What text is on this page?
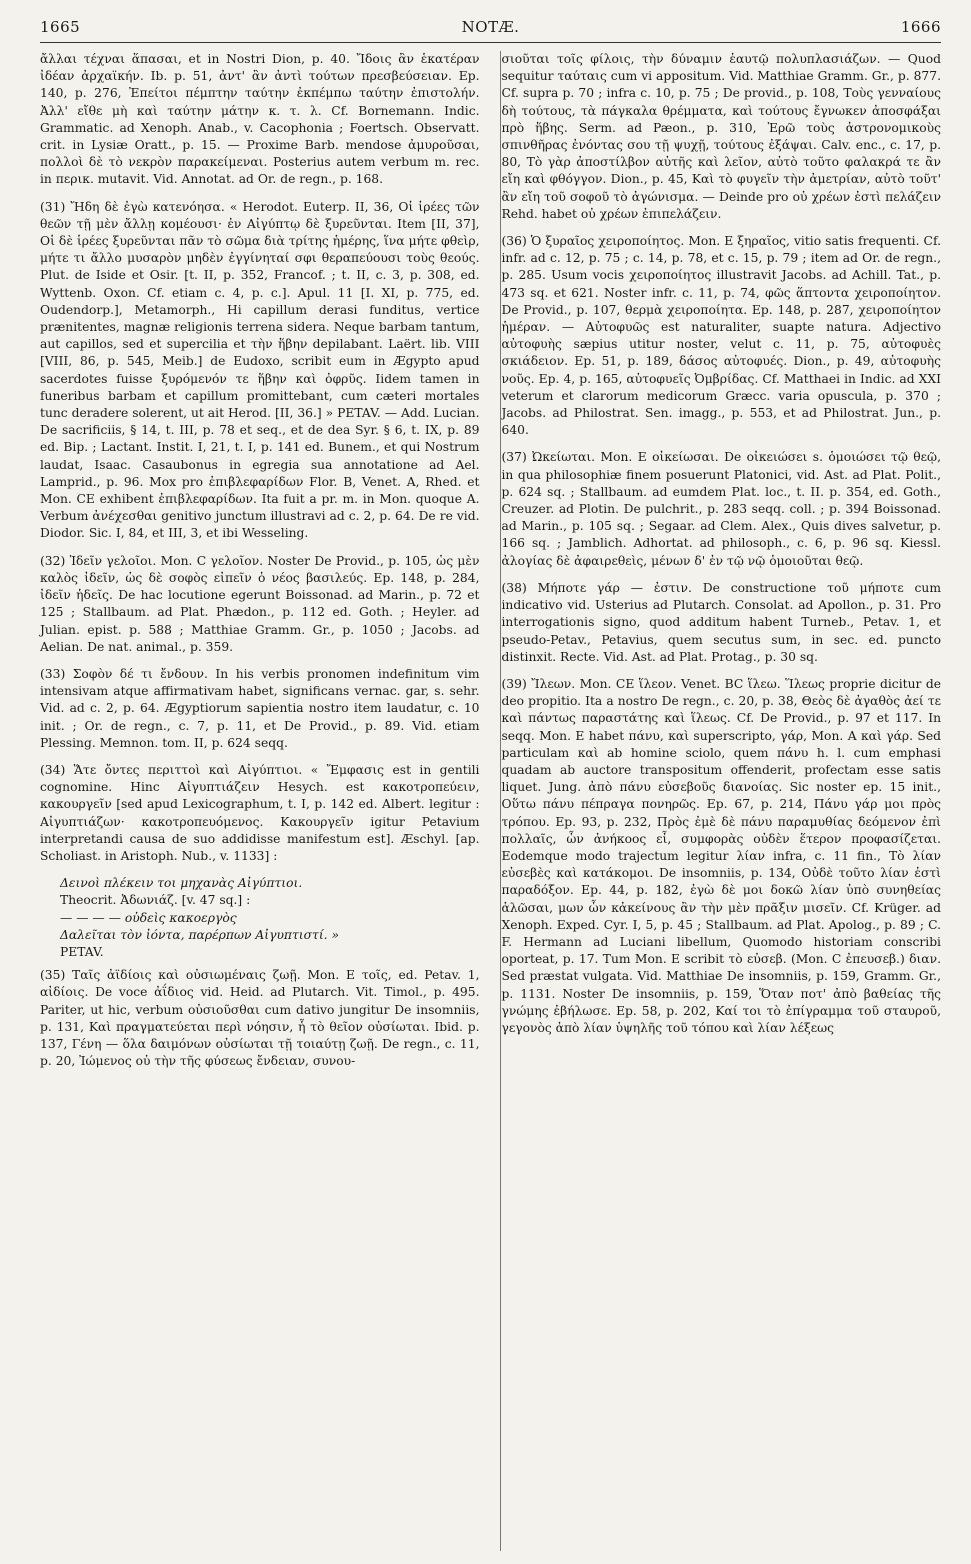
1665	NOTÆ.	1666

ἄλλαι τέχναι ἅπασαι, et in Nostri Dion, p. 40. Ἴδοις ἂν ἑκατέραν ἰδέαν ἀρχαϊκήν. Ib. p. 51, ἀντ' ἂν ἀντὶ τούτων πρεσβεύσειαν. Ep. 140, p. 276, Ἐπείτοι πέμπτην ταύτην ἐκπέμπω ταύτην ἐπιστολήν. Ἀλλ' εἴθε μὴ καὶ ταύτην μάτην κ. τ. λ. Cf. Bornemann. Indic. Grammatic. ad Xenoph. Anab., v. Cacophonia ; Foertsch. Observatt. crit. in Lysiæ Oratt., p. 15. — Proxime Barb. mendose ἀμυροῦσαι, πολλοὶ δὲ τὸ νεκρὸν παρακείμεναι. Posterius autem verbum m. rec. in περικ. mutavit. Vid. Annotat. ad Or. de regn., p. 168.

(31) Ἤδη δὲ ἐγὼ κατενόησα. « Herodot. Euterp. II, 36, Οἱ ἱρέες τῶν θεῶν τῇ μὲν ἄλλῃ κομέουσι· ἐν Αἰγύπτῳ δὲ ξυρεῦνται. Item [II, 37], Οἱ δὲ ἱρέες ξυρεῦνται πᾶν τὸ σῶμα διὰ τρίτης ἡμέρης, ἵνα μήτε φθεὶρ, μήτε τι ἄλλο μυσαρὸν μηδὲν ἐγγίνηταί σφι θεραπεύουσι τοὺς θεούς. Plut. de Iside et Osir. [t. II, p. 352, Francof. ; t. II, c. 3, p. 308, ed. Wyttenb. Oxon. Cf. etiam c. 4, p. c.]. Apul. 11 [I. XI, p. 775, ed. Oudendorp.], Metamorph., Hi capillum derasi funditus, vertice prænitentes, magnæ religionis terrena sidera. Neque barbam tantum, aut capillos, sed et supercilia et τὴν ἥβην depilabant. Laërt. lib. VIII [VIII, 86, p. 545, Meib.] de Eudoxo, scribit eum in Ægypto apud sacerdotes fuisse ξυρόμενόν τε ἥβην καὶ ὀφρῦς. Iidem tamen in funeribus barbam et capillum promittebant, cum cæteri mortales tunc deradere solerent, ut ait Herod. [II, 36.] » PETAV. — Add. Lucian. De sacrificiis, § 14, t. III, p. 78 et seq., et de dea Syr. § 6, t. IX, p. 89 ed. Bip. ; Lactant. Instit. I, 21, t. I, p. 141 ed. Bunem., et qui Nostrum laudat, Isaac. Casaubonus in egregia sua annotatione ad Ael. Lamprid., p. 96. Mox pro ἐπιβλεφαρίδων Flor. B, Venet. A, Rhed. et Mon. CE exhibent ἐπιβλεφαρίδων. Ita fuit a pr. m. in Mon. quoque A. Verbum ἀνέχεσθαι genitivo junctum illustravi ad c. 2, p. 64. De re vid. Diodor. Sic. I, 84, et III, 3, et ibi Wesseling.

(32) Ἰδεῖν γελοῖοι. Mon. C γελοῖον. Noster De Provid., p. 105, ὡς μὲν καλὸς ἰδεῖν, ὡς δὲ σοφὸς εἰπεῖν ὁ νέος βασιλεύς. Ep. 148, p. 284, ἰδεῖν ἡδεῖς. De hac locutione egerunt Boissonad. ad Marin., p. 72 et 125 ; Stallbaum. ad Plat. Phædon., p. 112 ed. Goth. ; Heyler. ad Julian. epist. p. 588 ; Matthiae Gramm. Gr., p. 1050 ; Jacobs. ad Aelian. De nat. animal., p. 359.

(33) Σοφὸν δέ τι ἔνδουν. In his verbis pronomen indefinitum vim intensivam atque affirmativam habet, significans vernac. gar, s. sehr. Vid. ad c. 2, p. 64. Ægyptiorum sapientia nostro item laudatur, c. 10 init. ; Or. de regn., c. 7, p. 11, et De Provid., p. 89. Vid. etiam Plessing. Memnon. tom. II, p. 624 seqq.

(34) Ἅτε ὄντες περιττοὶ καὶ Αἰγύπτιοι. « Ἔμφασις est in gentili cognomine. Hinc Αἰγυπτιάζειν Hesych. est κακοτροπεύειν, κακουργεῖν [sed apud Lexicographum, t. I, p. 142 ed. Albert. legitur : Αἰγυπτιάζων· κακοτροπευόμενος. Κακουργεῖν igitur Petavium interpretandi causa de suo addidisse manifestum est]. Æschyl. [ap. Scholiast. in Aristoph. Nub., v. 1133] :

Δεινοὶ πλέκειν τοι μηχανὰς Αἰγύπτιοι.
Theocrit. Ἀδωνιάζ. [v. 47 sq.] :
— — — — οὐδεὶς κακοεργὸς
Δαλεῖται τὸν ἰόντα, παρέρπων Αἰγυπτιστί. »
PETAV.

(35) Ταῖς ἀϊδίοις καὶ οὐσιωμέναις ζωῇ. Mon. E τοῖς, ed. Petav. 1, αἰδίοις. De voce ἀΐδιος vid. Heid. ad Plutarch. Vit. Timol., p. 495. Pariter, ut hic, verbum οὐσιοῦσθαι cum dativo jungitur De insomniis, p. 131, Καὶ πραγματεύεται περὶ νόησιν, ἧ τὸ θεῖον οὐσίωται. Ibid. p. 137, Γένη — ὅλα δαιμόνων οὐσίωται τῇ τοιαύτῃ ζωῇ. De regn., c. 11, p. 20, Ἰώμενος οὐ τὴν τῆς φύσεως ἔνδειαν, συνου-

σιοῦται τοῖς φίλοις, τὴν δύναμιν ἑαυτῷ πολυπλασιάζων. — Quod sequitur ταύταις cum vi appositum. Vid. Matthiae Gramm. Gr., p. 877. Cf. supra p. 70 ; infra c. 10, p. 75 ; De provid., p. 108, Τοὺς γενναίους δὴ τούτους, τὰ πάγκαλα θρέμματα, καὶ τούτους ἔγνωκεν ἀποσφάξαι πρὸ ἥβης. Serm. ad Pæon., p. 310, Ἐρῶ τοὺς ἀστρονομικοὺς σπινθῆρας ἐνόντας σου τῇ ψυχῇ, τούτους ἐξάψαι. Calv. enc., c. 17, p. 80, Τὸ γὰρ ἀποστίλβον αὐτῆς καὶ λεῖον, αὐτὸ τοῦτο φαλακρά τε ἂν εἴη καὶ φθόγγον. Dion., p. 45, Καὶ τὸ φυγεῖν τὴν ἀμετρίαν, αὐτὸ τοῦτ' ἂν εἴη τοῦ σοφοῦ τὸ ἀγώνισμα. — Deinde pro οὐ χρέων ἐστὶ πελάζειν Rehd. habet οὐ χρέων ἐπιπελάζειν.

(36) Ὁ ξυραῖος χειροποίητος. Mon. E ξηραῖος, vitio satis frequenti. Cf. infr. ad c. 12, p. 75 ; c. 14, p. 78, et c. 15, p. 79 ; item ad Or. de regn., p. 285. Usum vocis χειροποίητος illustravit Jacobs. ad Achill. Tat., p. 473 sq. et 621. Noster infr. c. 11, p. 74, φῶς ἅπτοντα χειροποίητον. De Provid., p. 107, θερμὰ χειροποίητα. Ep. 148, p. 287, χειροποίητον ἡμέραν. — Αὐτοφυῶς est naturaliter, suapte natura. Adjectivo αὐτοφυὴς sæpius utitur noster, velut c. 11, p. 75, αὐτοφυὲς σκιάδειον. Ep. 51, p. 189, δάσος αὐτοφυές. Dion., p. 49, αὐτοφυὴς νοῦς. Ep. 4, p. 165, αὐτοφυεῖς Ὀμβρίδας. Cf. Matthaei in Indic. ad XXI veterum et clarorum medicorum Græcc. varia opuscula, p. 370 ; Jacobs. ad Philostrat. Sen. imagg., p. 553, et ad Philostrat. Jun., p. 640.

(37) Ὠκείωται. Mon. E οἰκείωσαι. De οἰκειώσει s. ὁμοιώσει τῷ θεῷ, in qua philosophiæ finem posuerunt Platonici, vid. Ast. ad Plat. Polit., p. 624 sq. ; Stallbaum. ad eumdem Plat. loc., t. II. p. 354, ed. Goth., Creuzer. ad Plotin. De pulchrit., p. 283 seqq. coll. ; p. 394 Boissonad. ad Marin., p. 105 sq. ; Segaar. ad Clem. Alex., Quis dives salvetur, p. 166 sq. ; Jamblich. Adhortat. ad philosoph., c. 6, p. 96 sq. Kiessl. ἀλογίας δὲ ἀφαιρεθεὶς, μένων δ' ἐν τῷ νῷ ὁμοιοῦται θεῷ.

(38) Μήποτε γάρ — ἐστιν. De constructione τοῦ μήποτε cum indicativo vid. Usterius ad Plutarch. Consolat. ad Apollon., p. 31. Pro interrogationis signo, quod additum habent Turneb., Petav. 1, et pseudo-Petav., Petavius, quem secutus sum, in sec. ed. puncto distinxit. Recte. Vid. Ast. ad Plat. Protag., p. 30 sq.

(39) Ἴλεων. Mon. CE ἵλεον. Venet. BC ἵλεω. Ἵλεως proprie dicitur de deo propitio. Ita a nostro De regn., c. 20, p. 38, Θεὸς δὲ ἀγαθὸς ἀεί τε καὶ πάντως παραστάτης καὶ ἵλεως. Cf. De Provid., p. 97 et 117. In seqq. Mon. E habet πάνυ, καὶ superscripto, γάρ, Mon. A καὶ γάρ. Sed particulam καὶ ab homine sciolo, quem πάνυ h. l. cum emphasi quadam ab auctore transpositum offenderit, profectam esse satis liquet. Jung. ἀπὸ πάνυ εὐσεβοῦς διανοίας. Sic noster ep. 15 init., Οὕτω πάνυ πέπραγα πονηρῶς. Ep. 67, p. 214, Πάνυ γάρ μοι πρὸς τρόπου. Ep. 93, p. 232, Πρὸς ἐμὲ δὲ πάνυ παραμυθίας δεόμενον ἐπὶ πολλαῖς, ὧν ἀνήκοος εἶ, συμφορὰς οὐδὲν ἕτερον προφασίζεται. Eodemque modo trajectum legitur λίαν infra, c. 11 fin., Τὸ λίαν εὐσεβὲς καὶ κατάκομοι. De insomniis, p. 134, Οὐδὲ τοῦτο λίαν ἐστὶ παραδόξον. Ep. 44, p. 182, ἐγὼ δὲ μοι δοκῶ λίαν ὑπὸ συνηθείας ἁλῶσαι, μων ὧν κἀκείνους ἂν τὴν μὲν πρᾶξιν μισεῖν. Cf. Krüger. ad Xenoph. Exped. Cyr. I, 5, p. 45 ; Stallbaum. ad Plat. Apolog., p. 89 ; C. F. Hermann ad Luciani libellum, Quomodo historiam conscribi oporteat, p. 17. Tum Mon. E scribit τὸ εὐσεβ. (Mon. C ἐπευσεβ.) διαν. Sed præstat vulgata. Vid. Matthiae De insomniis, p. 159, Gramm. Gr., p. 1131. Noster De insomniis, p. 159, Ὅταν ποτ' ἀπὸ βαθείας τῆς γνώμης ἐβήλωσε. Ep. 58, p. 202, Καί τοι τὸ ἐπίγραμμα τοῦ σταυροῦ, γεγονὸς ἀπὸ λίαν ὑψηλῆς τοῦ τόπου καὶ λίαν λέξεως
